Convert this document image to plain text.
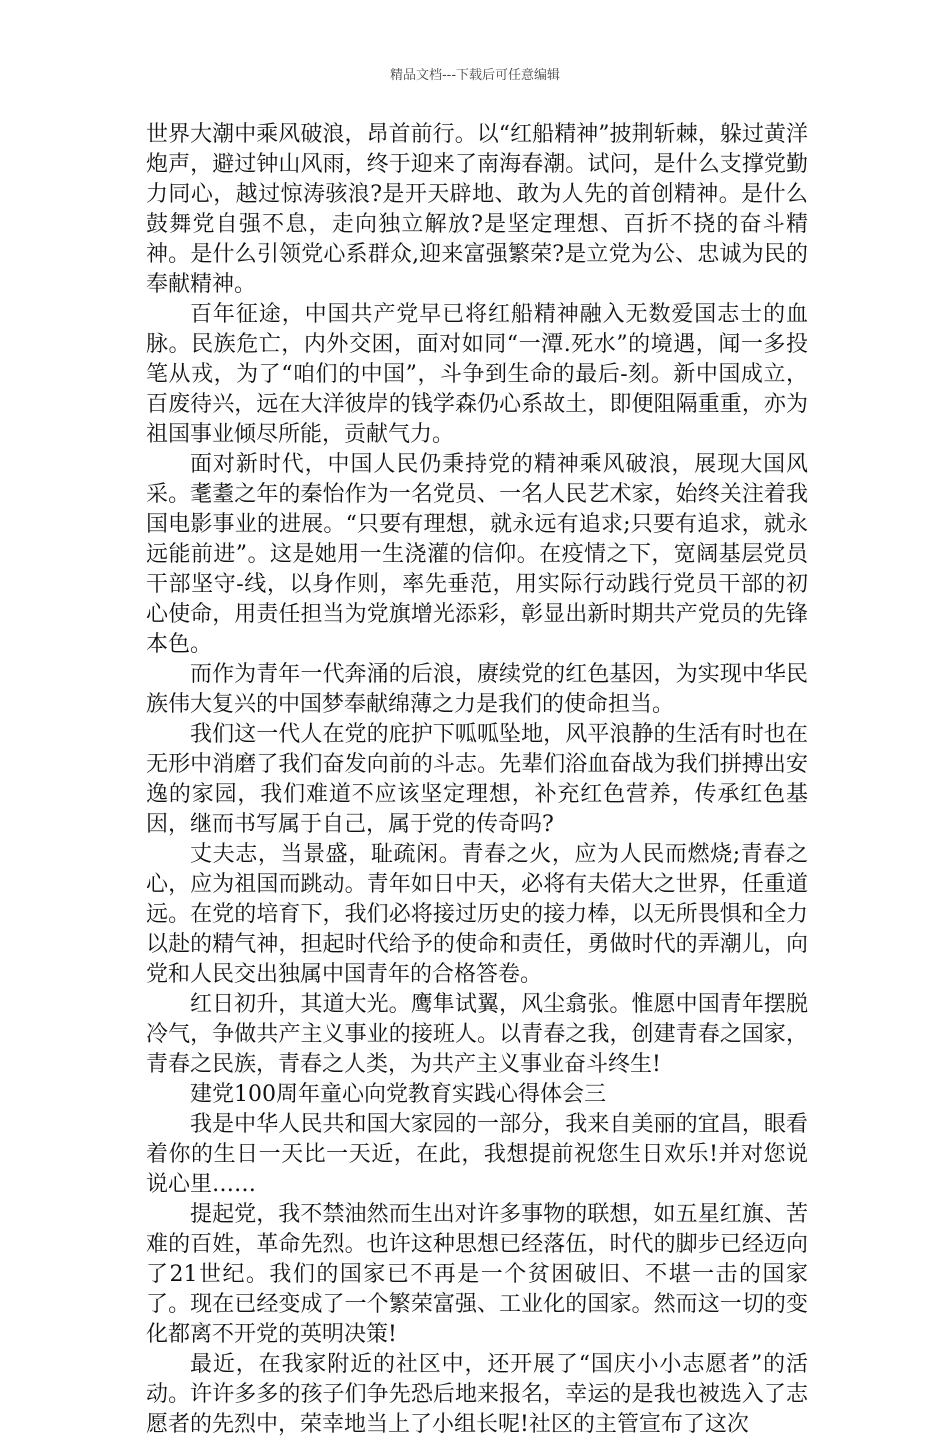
精品文档---下载后可任意编辑

世界大潮中乘风破浪，昂首前行。以“红船精神”披荆斩棘，躲过黄洋炮声，避过钟山风雨，终于迎来了南海春潮。试问，是什么支撑党勤力同心，越过惊涛骇浪?是开天辟地、敢为人先的首创精神。是什么鼓舞党自强不息，走向独立解放?是坚定理想、百折不挠的奋斗精神。是什么引领党心系群众,迎来富强繁荣?是立党为公、忠诚为民的奉献精神。

百年征途，中国共产党早已将红船精神融入无数爱国志士的血脉。民族危亡，内外交困，面对如同“一潭.死水”的境遇，闻一多投笔从戎，为了“咱们的中国”，斗争到生命的最后-刻。新中国成立，百废待兴，远在大洋彼岸的钱学森仍心系故土，即便阻隔重重，亦为祖国事业倾尽所能，贡献气力。

面对新时代，中国人民仍秉持党的精神乘风破浪，展现大国风采。耄耋之年的秦怡作为一名党员、一名人民艺术家，始终关注着我国电影事业的进展。“只要有理想，就永远有追求;只要有追求，就永远能前进”。这是她用一生浇灌的信仰。在疫情之下，宽阔基层党员干部坚守-线，以身作则，率先垂范，用实际行动践行党员干部的初心使命，用责任担当为党旗增光添彩，彰显出新时期共产党员的先锋本色。

而作为青年一代奔涌的后浪，赓续党的红色基因，为实现中华民族伟大复兴的中国梦奉献绵薄之力是我们的使命担当。

我们这一代人在党的庇护下呱呱坠地，风平浪静的生活有时也在无形中消磨了我们奋发向前的斗志。先辈们浴血奋战为我们拼搏出安逸的家园，我们难道不应该坚定理想，补充红色营养，传承红色基因，继而书写属于自己，属于党的传奇吗?

丈夫志，当景盛，耻疏闲。青春之火，应为人民而燃烧;青春之心，应为祖国而跳动。青年如日中天，必将有夫偌大之世界，任重道远。在党的培育下，我们必将接过历史的接力棒，以无所畏惧和全力以赴的精气神，担起时代给予的使命和责任，勇做时代的弄潮儿，向党和人民交出独属中国青年的合格答卷。

红日初升，其道大光。鹰隼试翼，风尘翕张。惟愿中国青年摆脱冷气，争做共产主义事业的接班人。以青春之我，创建青春之国家，青春之民族，青春之人类，为共产主义事业奋斗终生!

建党100周年童心向党教育实践心得体会三

我是中华人民共和国大家园的一部分，我来自美丽的宜昌，眼看着你的生日一天比一天近，在此，我想提前祝您生日欢乐!并对您说说心里……

提起党，我不禁油然而生出对许多事物的联想，如五星红旗、苦难的百姓，革命先烈。也许这种思想已经落伍，时代的脚步已经迈向了21世纪。我们的国家已不再是一个贫困破旧、不堪一击的国家了。现在已经变成了一个繁荣富强、工业化的国家。然而这一切的变化都离不开党的英明决策!

最近，在我家附近的社区中，还开展了“国庆小小志愿者”的活动。许许多多的孩子们争先恐后地来报名，幸运的是我也被选入了志愿者的先烈中，荣幸地当上了小组长呢!社区的主管宣布了这次
